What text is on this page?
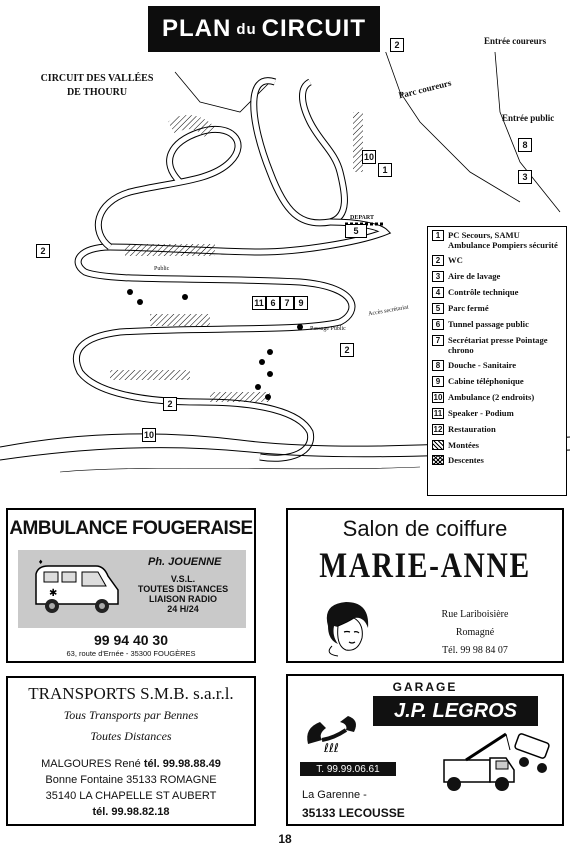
PLAN du CIRCUIT
CIRCUIT DES VALLÉES
DE THOURU
Entrée coureurs
Parc coureurs
Entrée public
DEPART
Passage Public
Public
Accès secrétariat
2
8
3
10
1
5
2
11 6 7 9
2
2
10
1 PC Secours, SAMU Ambulance Pompiers sécurité
2 WC
3 Aire de lavage
4 Contrôle technique
5 Parc fermé
6 Tunnel passage public
7 Secrétariat presse Pointage chrono
8 Douche - Sanitaire
9 Cabine téléphonique
10 Ambulance (2 endroits)
11 Speaker - Podium
12 Restauration
Montées
Descentes
AMBULANCE FOUGERAISE
✱
♦	Ph. JOUENNE
V.S.L.
TOUTES DISTANCES
LIAISON RADIO
24 H/24
99 94 40 30
63, route d'Ernée - 35300 FOUGÈRES
Salon de coiffure
MARIE-ANNE
Rue Lariboisière
Romagné
Tél. 99 98 84 07
TRANSPORTS S.M.B. s.a.r.l.
Tous Transports par Bennes
Toutes Distances
MALGOURES René tél. 99.98.88.49
Bonne Fontaine 35133 ROMAGNE
35140 LA CHAPELLE ST AUBERT
tél. 99.98.82.18
GARAGE
J.P. LEGROS
ℓℓℓ
T. 99.99.06.61
La Garenne -
35133 LECOUSSE
18
